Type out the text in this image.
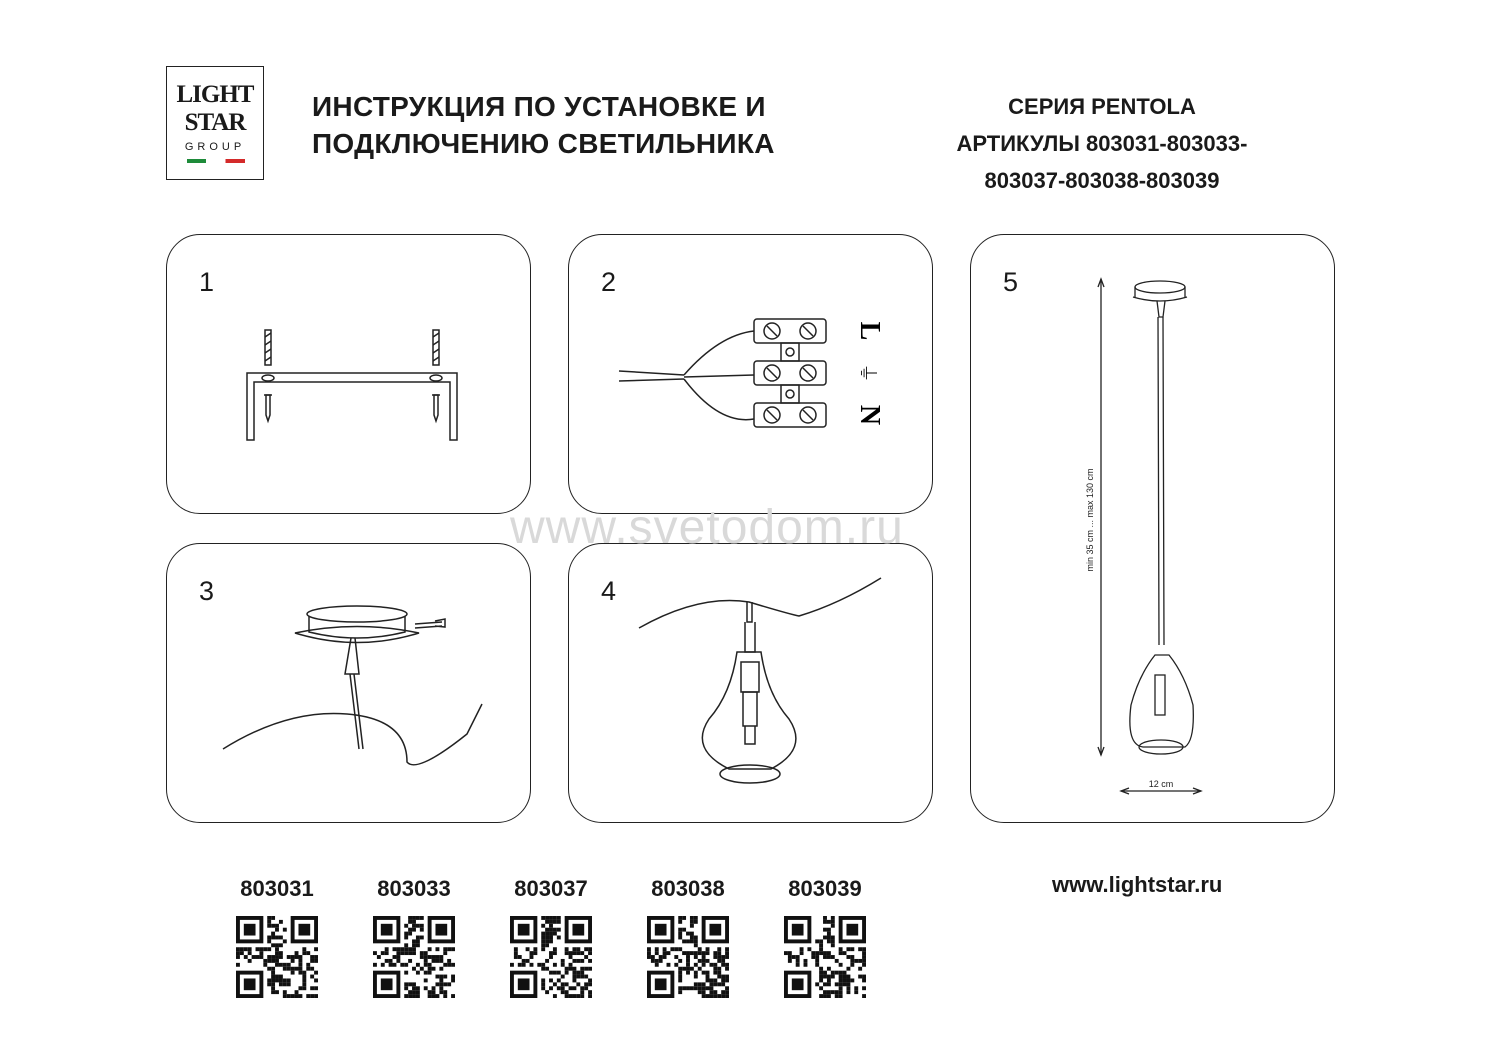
LIGHT
STAR
GROUP
ИНСТРУКЦИЯ ПО УСТАНОВКЕ И
ПОДКЛЮЧЕНИЮ СВЕТИЛЬНИКА
СЕРИЯ PENTOLA
АРТИКУЛЫ 803031-803033-
803037-803038-803039
1	2
L
⏚
N
3	4
5
min 35 cm ... max 130 cm
12 cm
www.svetodom.ru
803031	803033	803037	803038	803039	www.lightstar.ru
